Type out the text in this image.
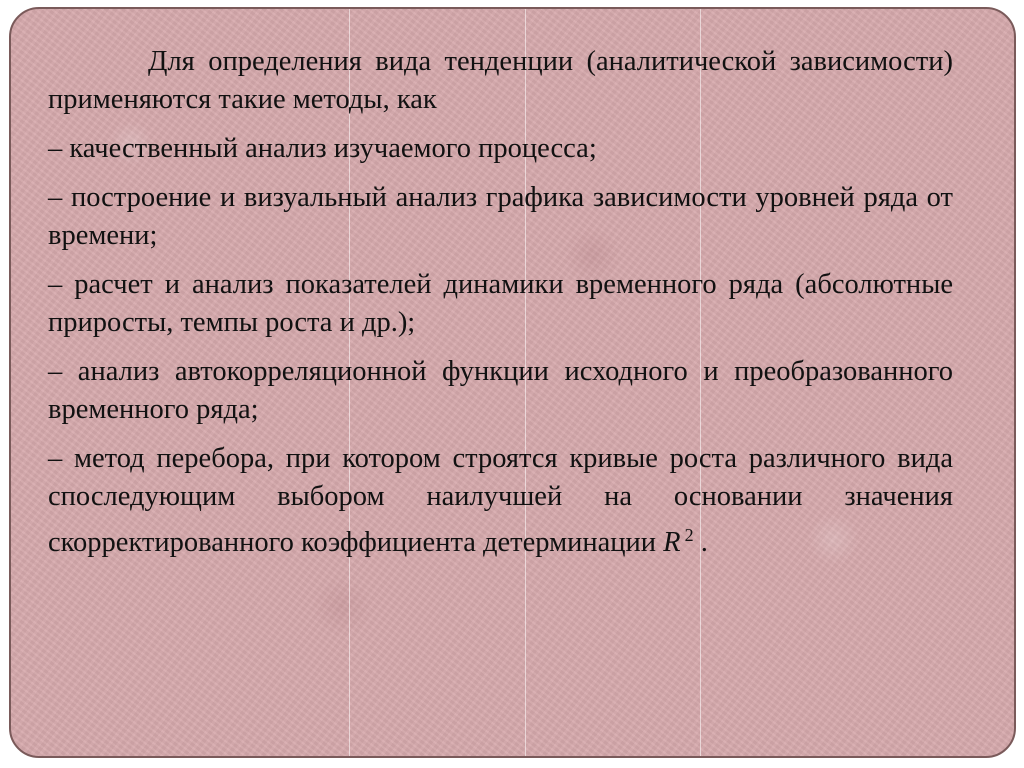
Для определения вида тенденции (аналитической зависимости) применяются такие методы, как

– качественный анализ изучаемого процесса;

– построение и визуальный анализ графика зависимости уровней ряда от времени;

– расчет и анализ показателей динамики временного ряда (абсолютные приросты, темпы роста и др.);

– анализ автокорреляционной функции исходного и преобразованного временного ряда;

– метод перебора, при котором строятся кривые роста различного вида споследующим выбором наилучшей на основании значения скорректированного коэффициента детерминации R $^2$ .
